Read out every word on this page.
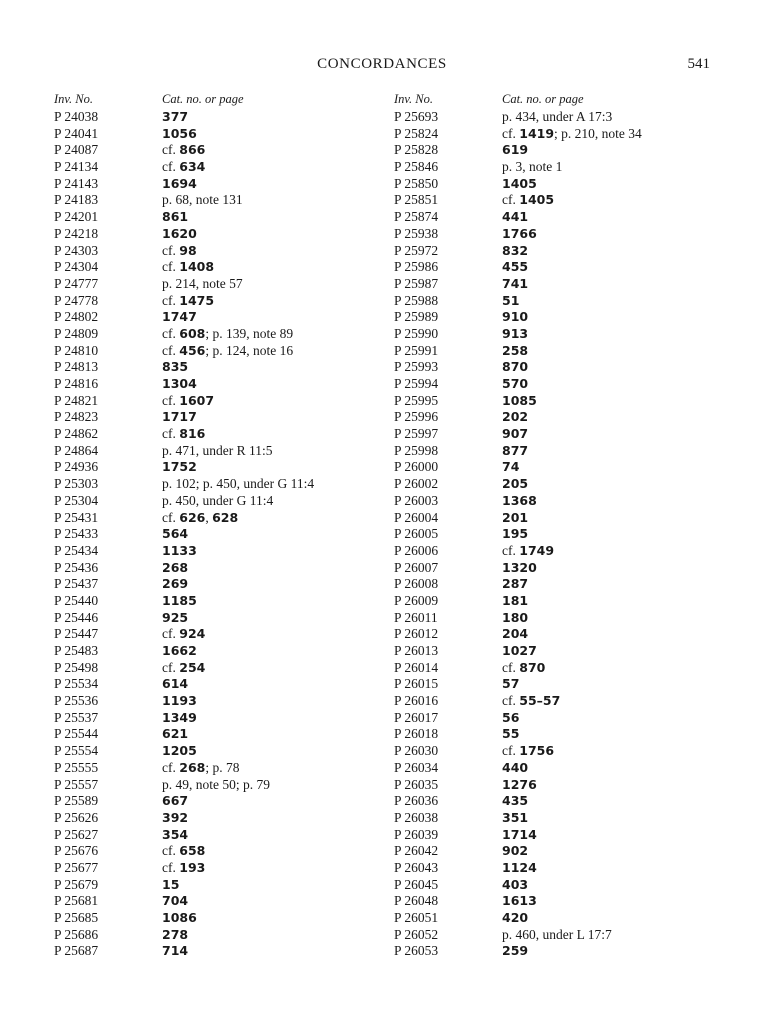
CONCORDANCES	541
Inv. No.	Cat. no. or page
P 24038	377
P 24041	1056
P 24087	cf. 866
P 24134	cf. 634
P 24143	1694
P 24183	p. 68, note 131
P 24201	861
P 24218	1620
P 24303	cf. 98
P 24304	cf. 1408
P 24777	p. 214, note 57
P 24778	cf. 1475
P 24802	1747
P 24809	cf. 608; p. 139, note 89
P 24810	cf. 456; p. 124, note 16
P 24813	835
P 24816	1304
P 24821	cf. 1607
P 24823	1717
P 24862	cf. 816
P 24864	p. 471, under R 11:5
P 24936	1752
P 25303	p. 102; p. 450, under G 11:4
P 25304	p. 450, under G 11:4
P 25431	cf. 626, 628
P 25433	564
P 25434	1133
P 25436	268
P 25437	269
P 25440	1185
P 25446	925
P 25447	cf. 924
P 25483	1662
P 25498	cf. 254
P 25534	614
P 25536	1193
P 25537	1349
P 25544	621
P 25554	1205
P 25555	cf. 268; p. 78
P 25557	p. 49, note 50; p. 79
P 25589	667
P 25626	392
P 25627	354
P 25676	cf. 658
P 25677	cf. 193
P 25679	15
P 25681	704
P 25685	1086
P 25686	278
P 25687	714
Inv. No.	Cat. no. or page
P 25693	p. 434, under A 17:3
P 25824	cf. 1419; p. 210, note 34
P 25828	619
P 25846	p. 3, note 1
P 25850	1405
P 25851	cf. 1405
P 25874	441
P 25938	1766
P 25972	832
P 25986	455
P 25987	741
P 25988	51
P 25989	910
P 25990	913
P 25991	258
P 25993	870
P 25994	570
P 25995	1085
P 25996	202
P 25997	907
P 25998	877
P 26000	74
P 26002	205
P 26003	1368
P 26004	201
P 26005	195
P 26006	cf. 1749
P 26007	1320
P 26008	287
P 26009	181
P 26011	180
P 26012	204
P 26013	1027
P 26014	cf. 870
P 26015	57
P 26016	cf. 55–57
P 26017	56
P 26018	55
P 26030	cf. 1756
P 26034	440
P 26035	1276
P 26036	435
P 26038	351
P 26039	1714
P 26042	902
P 26043	1124
P 26045	403
P 26048	1613
P 26051	420
P 26052	p. 460, under L 17:7
P 26053	259
